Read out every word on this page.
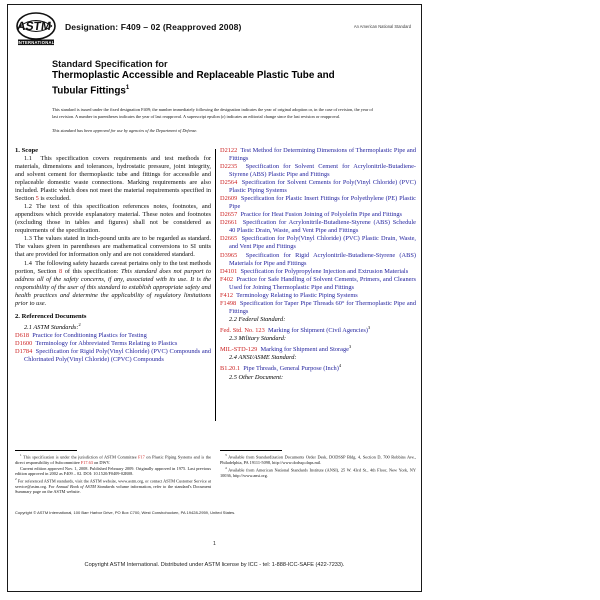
ASTM
INTERNATIONAL
Designation: F409 – 02 (Reapproved 2008)	An American National Standard
Standard Specification for
Thermoplastic Accessible and Replaceable Plastic Tube and
Tubular Fittings$^1$
This standard is issued under the fixed designation F409; the number immediately following the designation indicates the year of original adoption or, in the case of revision, the year of last revision. A number in parentheses indicates the year of last reapproval. A superscript epsilon (ε) indicates an editorial change since the last revision or reapproval.
This standard has been approved for use by agencies of the Department of Defense.
1. Scope

1.1  This specification covers requirements and test methods for materials, dimensions and tolerances, hydrostatic pressure, joint integrity, and solvent cement for thermoplastic tube and fittings for accessible and replaceable domestic waste connections. Marking requirements are also included. Plastic which does not meet the material requirements specified in Section 5 is excluded.

1.2 The text of this specification references notes, footnotes, and appendixes which provide explanatory material. These notes and footnotes (excluding those in tables and figures) shall not be considered as requirements of the specification.

1.3 The values stated in inch-pound units are to be regarded as standard. The values given in parentheses are mathematical conversions to SI units that are provided for information only and are not considered standard.

1.4  The following safety hazards caveat pertains only to the test methods portion, Section 8 of this specification: This standard does not purport to address all of the safety concerns, if any, associated with its use. It is the responsibility of the user of this standard to establish appropriate safety and health practices and determine the applicability of regulatory limitations prior to use.

2. Referenced Documents

2.1 ASTM Standards:$^2$

D618 Practice for Conditioning Plastics for Testing

D1600 Terminology for Abbreviated Terms Relating to Plastics

D1784 Specification for Rigid Poly(Vinyl Chloride) (PVC) Compounds and Chlorinated Poly(Vinyl Chloride) (CPVC) Compounds

D2122 Test Method for Determining Dimensions of Thermoplastic Pipe and Fittings

D2235 Specification for Solvent Cement for Acrylonitrile-Butadiene-Styrene (ABS) Plastic Pipe and Fittings

D2564 Specification for Solvent Cements for Poly(Vinyl Chloride) (PVC) Plastic Piping Systems

D2609 Specification for Plastic Insert Fittings for Polyethylene (PE) Plastic Pipe

D2657 Practice for Heat Fusion Joining of Polyolefin Pipe and Fittings

D2661 Specification for Acrylonitrile-Butadiene-Styrene (ABS) Schedule 40 Plastic Drain, Waste, and Vent Pipe and Fittings

D2665 Specification for Poly(Vinyl Chloride) (PVC) Plastic Drain, Waste, and Vent Pipe and Fittings

D3965 Specification for Rigid Acrylonitrile-Butadiene-Styrene (ABS) Materials for Pipe and Fittings

D4101 Specification for Polypropylene Injection and Extrusion Materials

F402 Practice for Safe Handling of Solvent Cements, Primers, and Cleaners Used for Joining Thermoplastic Pipe and Fittings

F412 Terminology Relating to Plastic Piping Systems

F1498 Specification for Taper Pipe Threads 60° for Thermoplastic Pipe and Fittings

2.2 Federal Standard:

Fed. Std. No. 123 Marking for Shipment (Civil Agencies)$^3$

2.3 Military Standard:

MIL-STD-129 Marking for Shipment and Storage$^3$

2.4 ANSI/ASME Standard:

B1.20.1 Pipe Threads, General Purpose (Inch)$^4$

2.5 Other Document:

$^1$ This specification is under the jurisdiction of ASTM Committee F17 on Plastic Piping Systems and is the direct responsibility of Subcommittee F17.63 on DWV.

Current edition approved Nov. 1, 2008. Published February 2009. Originally approved in 1975. Last previous edition approved in 2002 as F409 – 02. DOI: 10.1520/F0409-02R08.

$^2$ For referenced ASTM standards, visit the ASTM website, www.astm.org, or contact ASTM Customer Service at service@astm.org. For Annual Book of ASTM Standards volume information, refer to the standard's Document Summary page on the ASTM website.

$^3$ Available from Standardization Documents Order Desk, DODSSP Bldg. 4, Section D, 700 Robbins Ave., Philadelphia, PA 19111-5098, http://www.dodssp.daps.mil.

$^4$ Available from American National Standards Institute (ANSI), 25 W. 43rd St., 4th Floor, New York, NY 10036, http://www.ansi.org.

Copyright © ASTM International, 100 Barr Harbor Drive, PO Box C700, West Conshohocken, PA 19428-2959, United States.
1
Copyright ASTM International. Distributed under ASTM license by ICC - tel: 1-888-ICC-SAFE (422-7233).
